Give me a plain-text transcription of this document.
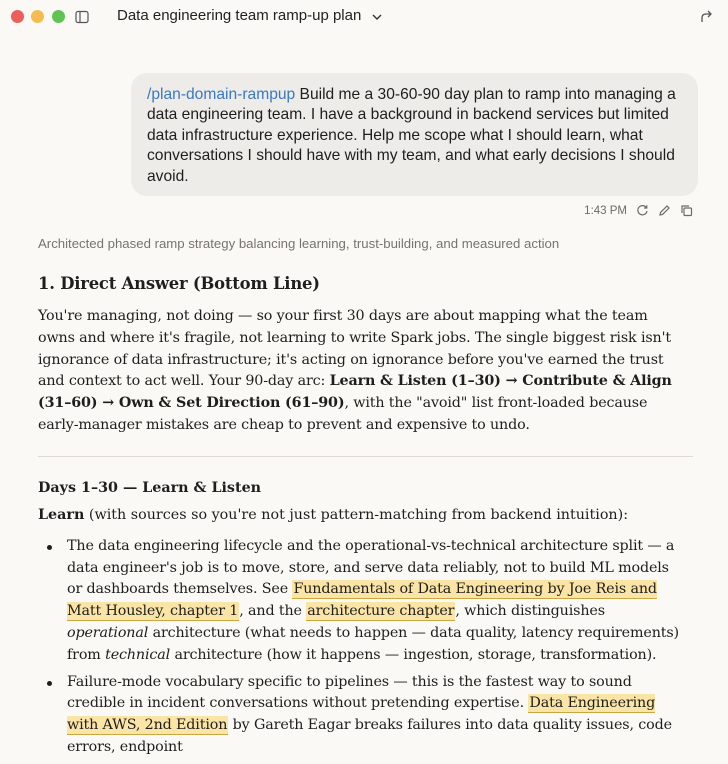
Data engineering team ramp-up plan
/plan-domain-rampup Build me a 30-60-90 day plan to ramp into managing a data engineering team. I have a background in backend services but limited data infrastructure experience. Help me scope what I should learn, what conversations I should have with my team, and what early decisions I should avoid.
1:43 PM
Architected phased ramp strategy balancing learning, trust-building, and measured action
1. Direct Answer (Bottom Line)
You're managing, not doing — so your first 30 days are about mapping what the team owns and where it's fragile, not learning to write Spark jobs. The single biggest risk isn't ignorance of data infrastructure; it's acting on ignorance before you've earned the trust and context to act well. Your 90-day arc: Learn & Listen (1–30) → Contribute & Align (31–60) → Own & Set Direction (61–90), with the "avoid" list front-loaded because early-manager mistakes are cheap to prevent and expensive to undo.
Days 1–30 — Learn & Listen
Learn (with sources so you're not just pattern-matching from backend intuition):
The data engineering lifecycle and the operational-vs-technical architecture split — a data engineer's job is to move, store, and serve data reliably, not to build ML models or dashboards themselves. See Fundamentals of Data Engineering by Joe Reis and Matt Housley, chapter 1, and the architecture chapter, which distinguishes operational architecture (what needs to happen — data quality, latency requirements) from technical architecture (how it happens — ingestion, storage, transformation).
Failure-mode vocabulary specific to pipelines — this is the fastest way to sound credible in incident conversations without pretending expertise. Data Engineering with AWS, 2nd Edition by Gareth Eagar breaks failures into data quality issues, code errors, endpoint
